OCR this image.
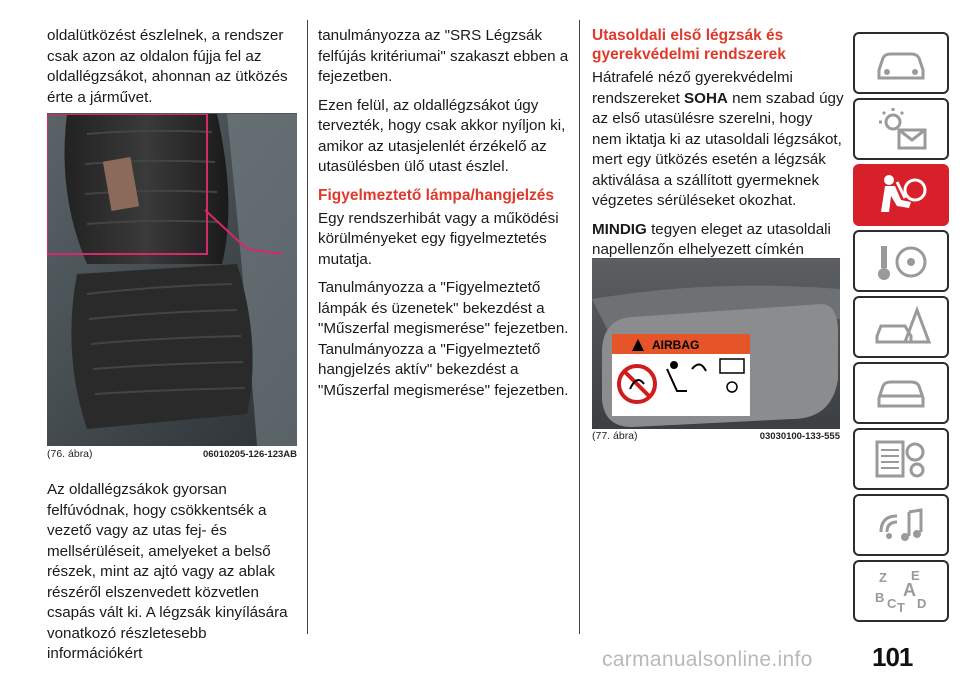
oldalütközést észlelnek, a rendszer csak azon az oldalon fújja fel az oldallégzsákot, ahonnan az ütközés érte a járművet.

(76. ábra)	06010205-126-123AB

Az oldallégzsákok gyorsan felfúvódnak, hogy csökkentsék a vezető vagy az utas fej- és mellsérüléseit, amelyeket a belső részek, mint az ajtó vagy az ablak részéről elszenvedett közvetlen csapás vált ki. A légzsák kinyílására vonatkozó részletesebb információkért

tanulmányozza az "SRS Légzsák felfújás kritériumai" szakaszt ebben a fejezetben.

Ezen felül, az oldallégzsákot úgy tervezték, hogy csak akkor nyíljon ki, amikor az utasjelenlét érzékelő az utasülésben ülő utast észlel.

Figyelmeztető lámpa/hangjelzés

Egy rendszerhibát vagy a működési körülményeket egy figyelmeztetés mutatja.

Tanulmányozza a "Figyelmeztető lámpák és üzenetek" bekezdést a "Műszerfal megismerése" fejezetben. Tanulmányozza a "Figyelmeztető hangjelzés aktív" bekezdést a "Műszerfal megismerése" fejezetben.

Utasoldali első légzsák és gyerekvédelmi rendszerek

Hátrafelé néző gyerekvédelmi rendszereket SOHA nem szabad úgy az első utasülésre szerelni, hogy nem iktatja ki az utasoldali légzsákot, mert egy ütközés esetén a légzsák aktiválása a szállított gyermeknek végzetes sérüléseket okozhat.

MINDIG tegyen eleget az utasoldali napellenzőn elhelyezett címkén

AIRBAG
(77. ábra)	03030100-133-555
Z E
A
B C D
T
carmanualsonline.info 101
